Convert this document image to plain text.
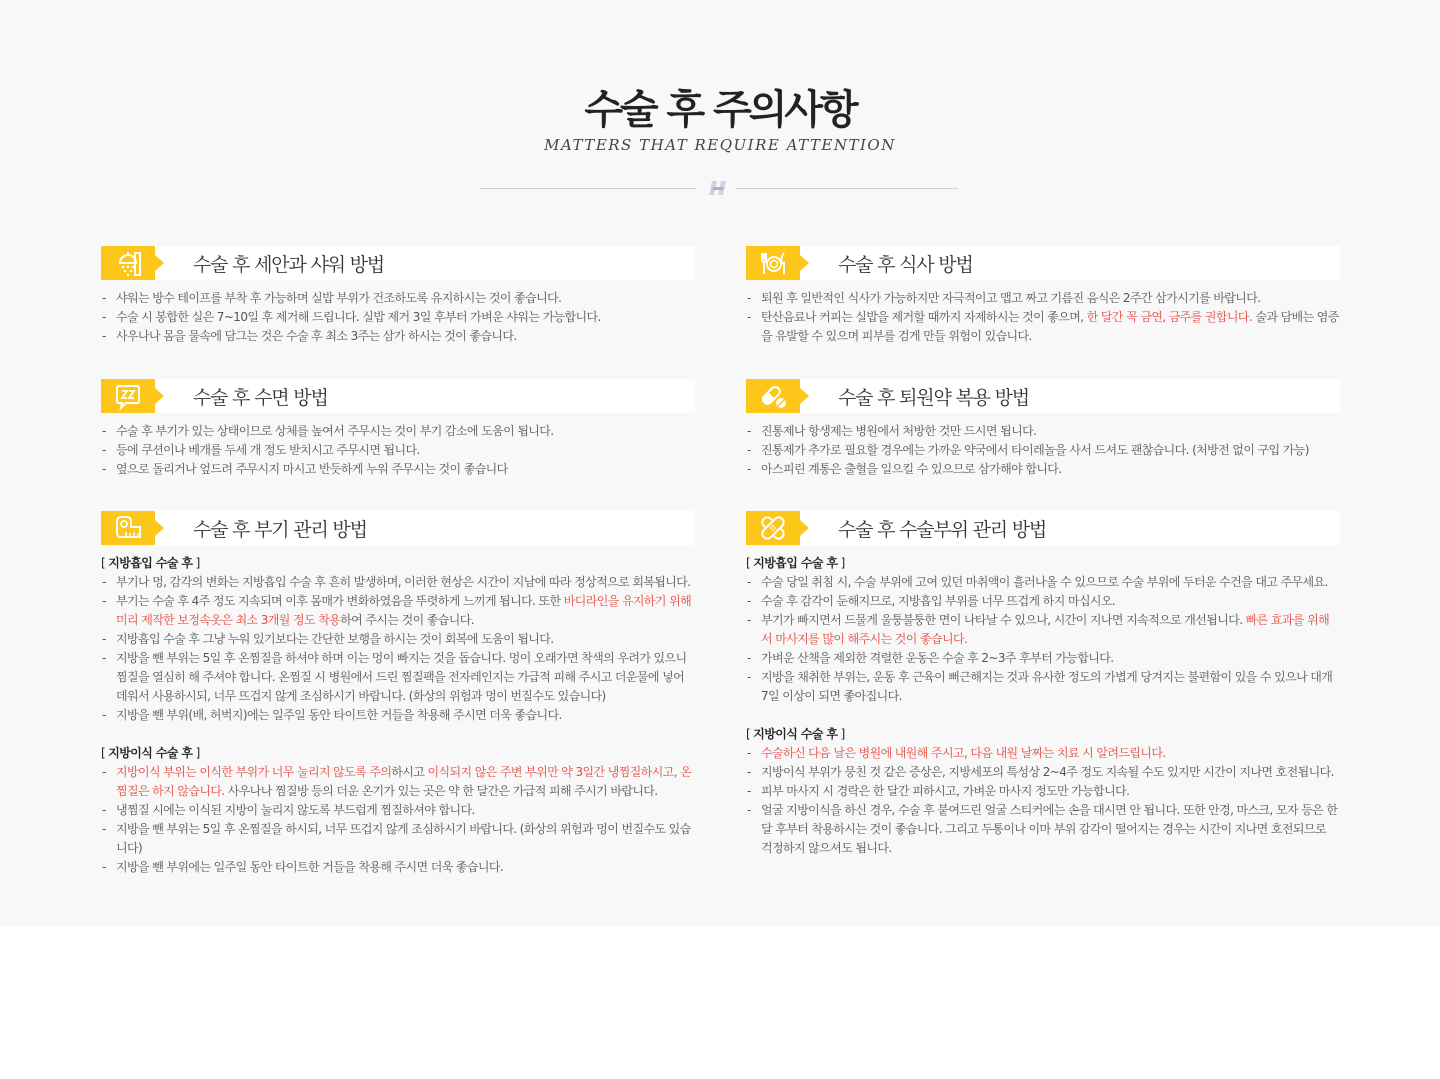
수술 후 주의사항
MATTERS THAT REQUIRE ATTENTION
수술 후 세안과 샤워 방법
- 샤워는 방수 테이프를 부착 후 가능하며 실밥 부위가 건조하도록 유지하시는 것이 좋습니다.
- 수술 시 봉합한 실은 7~10일 후 제거해 드립니다. 실밥 제거 3일 후부터 가벼운 샤워는 가능합니다.
- 사우나나 몸을 물속에 담그는 것은 수술 후 최소 3주는 삼가 하시는 것이 좋습니다.
수술 후 식사 방법
- 퇴원 후 일반적인 식사가 가능하지만 자극적이고 맵고 짜고 기름진 음식은 2주간 삼가시기를 바랍니다.
- 탄산음료나 커피는 실밥을 제거할 때까지 자제하시는 것이 좋으며, 한 달간 꼭 금연, 금주를 권합니다. 술과 담배는 염증을 유발할 수 있으며 피부를 검게 만들 위험이 있습니다.
수술 후 수면 방법
- 수술 후 부기가 있는 상태이므로 상체를 높여서 주무시는 것이 부기 감소에 도움이 됩니다.
- 등에 쿠션이나 베개를 두세 개 정도 받치시고 주무시면 됩니다.
- 옆으로 돌리거나 엎드려 주무시지 마시고 반듯하게 누워 주무시는 것이 좋습니다
수술 후 퇴원약 복용 방법
- 진통제나 항생제는 병원에서 처방한 것만 드시면 됩니다.
- 진통제가 추가로 필요할 경우에는 가까운 약국에서 타이레놀을 사서 드셔도 괜찮습니다. (처방전 없이 구입 가능)
- 아스피린 계통은 출혈을 일으킬 수 있으므로 삼가해야 합니다.
수술 후 부기 관리 방법
[ 지방흡입 수술 후 ]
- 부기나 멍, 감각의 변화는 지방흡입 수술 후 흔히 발생하며, 이러한 현상은 시간이 지남에 따라 정상적으로 회복됩니다.
- 부기는 수술 후 4주 정도 지속되며 이후 몸매가 변화하였음을 뚜렷하게 느끼게 됩니다. 또한 바디라인을 유지하기 위해 미리 제작한 보정속옷은 최소 3개월 정도 착용하여 주시는 것이 좋습니다.
- 지방흡입 수술 후 그냥 누워 있기보다는 간단한 보행을 하시는 것이 회복에 도움이 됩니다.
- 지방을 뺀 부위는 5일 후 온찜질을 하셔야 하며 이는 멍이 빠지는 것을 돕습니다. 멍이 오래가면 착색의 우려가 있으니 찜질을 열심히 해 주셔야 합니다. 온찜질 시 병원에서 드린 찜질팩을 전자레인지는 가급적 피해 주시고 더운물에 넣어 데워서 사용하시되, 너무 뜨겁지 않게 조심하시기 바랍니다. (화상의 위험과 멍이 번질수도 있습니다)
- 지방을 뺀 부위(배, 허벅지)에는 일주일 동안 타이트한 거들을 착용해 주시면 더욱 좋습니다.
[ 지방이식 수술 후 ]
- 지방이식 부위는 이식한 부위가 너무 눌리지 않도록 주의하시고 이식되지 않은 주변 부위만 약 3일간 냉찜질하시고, 온찜질은 하지 않습니다. 사우나나 찜질방 등의 더운 온기가 있는 곳은 약 한 달간은 가급적 피해 주시기 바랍니다.
- 냉찜질 시에는 이식된 지방이 눌리지 않도록 부드럽게 찜질하셔야 합니다.
- 지방을 뺀 부위는 5일 후 온찜질을 하시되, 너무 뜨겁지 않게 조심하시기 바랍니다. (화상의 위험과 멍이 번질수도 있습니다)
- 지방을 뺀 부위에는 일주일 동안 타이트한 거들을 착용해 주시면 더욱 좋습니다.
수술 후 수술부위 관리 방법
[ 지방흡입 수술 후 ]
- 수술 당일 취침 시, 수술 부위에 고여 있던 마취액이 흘러나올 수 있으므로 수술 부위에 두터운 수건을 대고 주무세요.
- 수술 후 감각이 둔해지므로, 지방흡입 부위를 너무 뜨겁게 하지 마십시오.
- 부기가 빠지면서 드물게 울퉁불퉁한 면이 나타날 수 있으나, 시간이 지나면 지속적으로 개선됩니다. 빠른 효과를 위해서 마사지를 많이 해주시는 것이 좋습니다.
- 가벼운 산책을 제외한 격렬한 운동은 수술 후 2~3주 후부터 가능합니다.
- 지방을 채취한 부위는, 운동 후 근육이 뻐근해지는 것과 유사한 정도의 가볍게 당겨지는 불편함이 있을 수 있으나 대개 7일 이상이 되면 좋아집니다.
[ 지방이식 수술 후 ]
- 수술하신 다음 날은 병원에 내원해 주시고, 다음 내원 날짜는 치료 시 알려드립니다.
- 지방이식 부위가 뭉친 것 같은 증상은, 지방세포의 특성상 2~4주 정도 지속될 수도 있지만 시간이 지나면 호전됩니다.
- 피부 마사지 시 경락은 한 달간 피하시고, 가벼운 마사지 정도만 가능합니다.
- 얼굴 지방이식을 하신 경우, 수술 후 붙여드린 얼굴 스티커에는 손을 대시면 안 됩니다. 또한 안경, 마스크, 모자 등은 한 달 후부터 착용하시는 것이 좋습니다. 그리고 두통이나 이마 부위 감각이 떨어지는 경우는 시간이 지나면 호전되므로 걱정하지 않으셔도 됩니다.
